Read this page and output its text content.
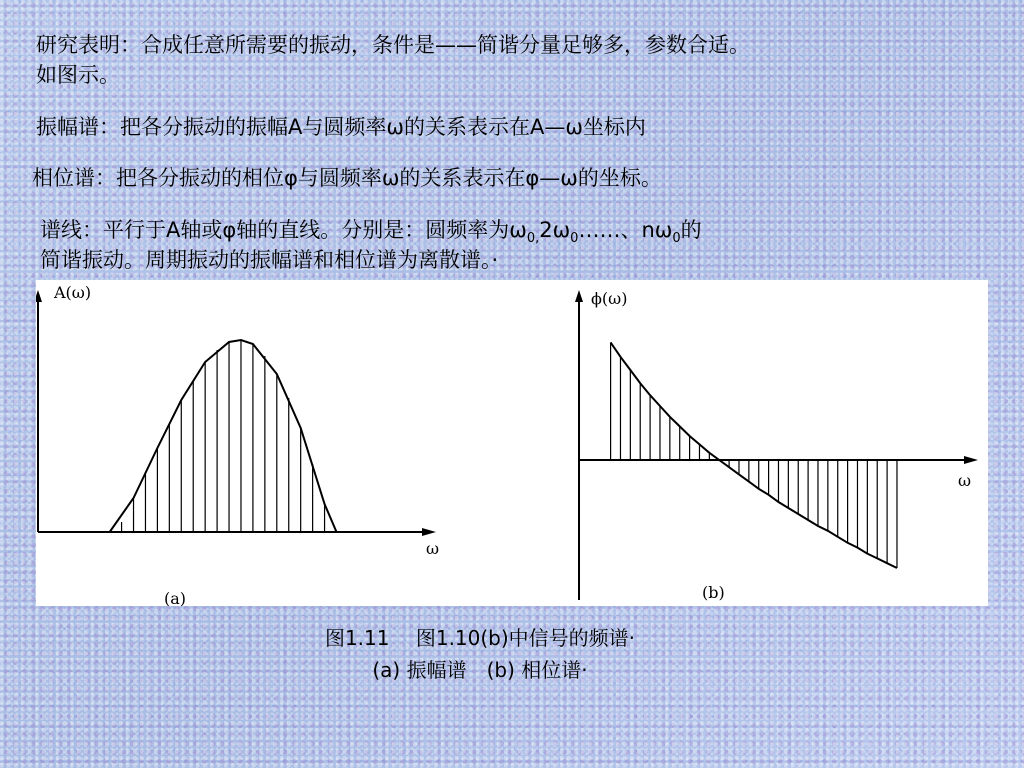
研究表明：合成任意所需要的振动，条件是——简谐分量足够多，参数合适。
如图示。
振幅谱：把各分振动的振幅A与圆频率ω的关系表示在A—ω坐标内
相位谱：把各分振动的相位φ与圆频率ω的关系表示在φ—ω的坐标。
谱线：平行于A轴或φ轴的直线。分别是：圆频率为$\omega_{0,}2\omega_0\dots\dots$、$n\omega_0$的
简谐振动。周期振动的振幅谱和相位谱为离散谱。·
A(ω)
ω
(a)
ϕ(ω)
ω
(b)
图1.11　 图1.10(b)中信号的频谱·
(a) 振幅谱　(b) 相位谱·
